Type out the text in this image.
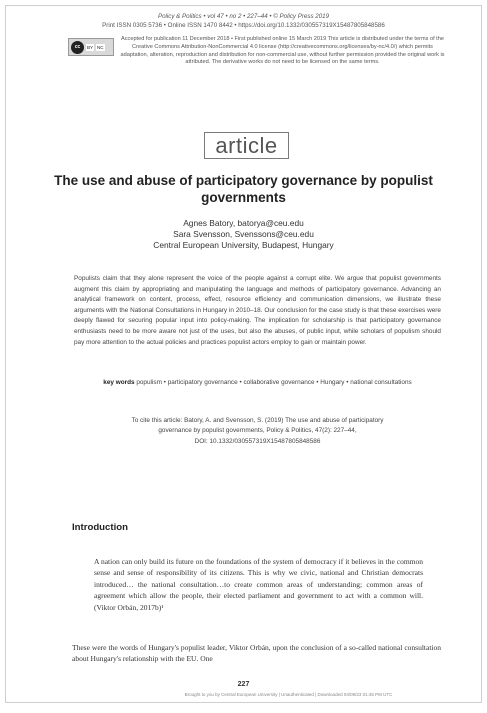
Policy & Politics • vol 47 • no 2 • 227–44 • © Policy Press 2019
Print ISSN 0305 5736 • Online ISSN 1470 8442 • https://doi.org/10.1332/030557319X15487805848586
cc	BY NC
Accepted for publication 11 December 2018 • First published online 15 March 2019 This article is distributed under the terms of the Creative Commons Attribution-NonCommercial 4.0 license (http://creativecommons.org/licenses/by-nc/4.0/) which permits adaptation, alteration, reproduction and distribution for non-commercial use, without further permission provided the original work is attributed. The derivative works do not need to be licensed on the same terms.
article
The use and abuse of participatory governance by populist governments
Agnes Batory, batorya@ceu.edu
Sara Svensson, Svenssons@ceu.edu
Central European University, Budapest, Hungary
Populists claim that they alone represent the voice of the people against a corrupt elite. We argue that populist governments augment this claim by appropriating and manipulating the language and methods of participatory governance. Advancing an analytical framework on content, process, effect, resource efficiency and communication dimensions, we illustrate these arguments with the National Consultations in Hungary in 2010–18. Our conclusion for the case study is that these exercises were deeply flawed for securing popular input into policy-making. The implication for scholarship is that participatory governance enthusiasts need to be more aware not just of the uses, but also the abuses, of public input, while scholars of populism should pay more attention to the actual policies and practices populist actors employ to gain or maintain power.
key words populism • participatory governance • collaborative governance • Hungary • national consultations
To cite this article: Batory, A. and Svensson, S. (2019) The use and abuse of participatory
governance by populist governments, Policy & Politics, 47(2): 227–44,
DOI: 10.1332/030557319X15487805848586
Introduction
A nation can only build its future on the foundations of the system of democracy if it believes in the common sense and sense of responsibility of its citizens. This is why we civic, national and Christian democrats introduced… the national consultation…to create common areas of understanding; common areas of agreement which allow the people, their elected parliament and government to act with a common will. (Viktor Orbán, 2017b)¹
These were the words of Hungary's populist leader, Viktor Orbán, upon the conclusion of a so-called national consultation about Hungary's relationship with the EU. One
227
Brought to you by Central European University | Unauthenticated | Downloaded 04/09/23 01:45 PM UTC
